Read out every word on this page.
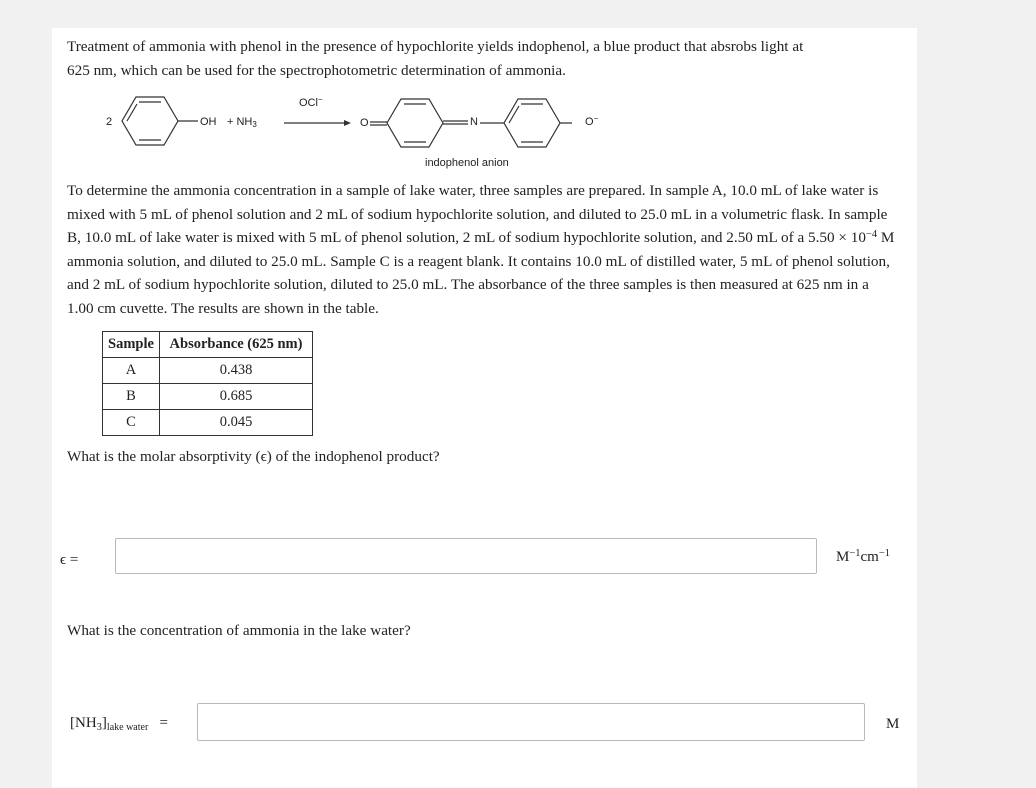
Treatment of ammonia with phenol in the presence of hypochlorite yields indophenol, a blue product that absrobs light at
625 nm, which can be used for the spectrophotometric determination of ammonia.

2	OH + $NH_3$
OCl−
O	N	O−
indophenol anion

To determine the ammonia concentration in a sample of lake water, three samples are prepared. In sample A, 10.0 mL of lake water is mixed with 5 mL of phenol solution and 2 mL of sodium hypochlorite solution, and diluted to 25.0 mL in a volumetric flask. In sample B, 10.0 mL of lake water is mixed with 5 mL of phenol solution, 2 mL of sodium hypochlorite solution, and 2.50 mL of a $5.50 \times 10^{-4}$ M ammonia solution, and diluted to 25.0 mL. Sample C is a reagent blank. It contains 10.0 mL of distilled water, 5 mL of phenol solution, and 2 mL of sodium hypochlorite solution, diluted to 25.0 mL. The absorbance of the three samples is then measured at 625 nm in a 1.00 cm cuvette. The results are shown in the table.

Sample	Absorbance (625 nm)
A	0.438
B	0.685
C	0.045

What is the molar absorptivity (ϵ) of the indophenol product?

ϵ =	$M^{-1}cm^{-1}$

What is the concentration of ammonia in the lake water?

$[NH_3]_{lake water}$ =	M
